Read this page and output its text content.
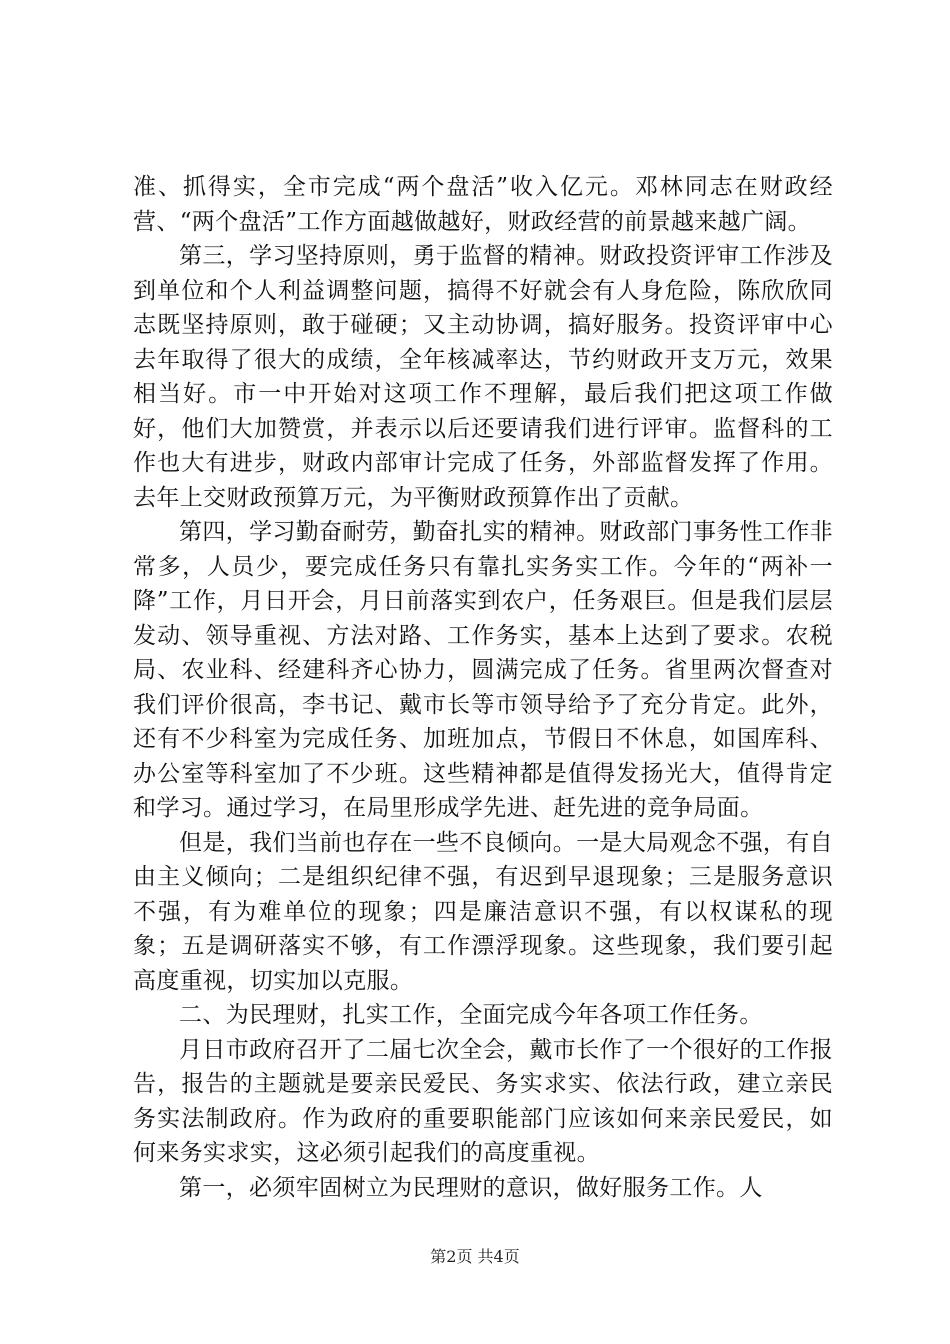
准、抓得实，全市完成“两个盘活”收入亿元。邓林同志在财政经营、“两个盘活”工作方面越做越好，财政经营的前景越来越广阔。

第三，学习坚持原则，勇于监督的精神。财政投资评审工作涉及到单位和个人利益调整问题，搞得不好就会有人身危险，陈欣欣同志既坚持原则，敢于碰硬；又主动协调，搞好服务。投资评审中心去年取得了很大的成绩，全年核减率达，节约财政开支万元，效果相当好。市一中开始对这项工作不理解，最后我们把这项工作做好，他们大加赞赏，并表示以后还要请我们进行评审。监督科的工作也大有进步，财政内部审计完成了任务，外部监督发挥了作用。去年上交财政预算万元，为平衡财政预算作出了贡献。

第四，学习勤奋耐劳，勤奋扎实的精神。财政部门事务性工作非常多，人员少，要完成任务只有靠扎实务实工作。今年的“两补一降”工作，月日开会，月日前落实到农户，任务艰巨。但是我们层层发动、领导重视、方法对路、工作务实，基本上达到了要求。农税局、农业科、经建科齐心协力，圆满完成了任务。省里两次督查对我们评价很高，李书记、戴市长等市领导给予了充分肯定。此外，还有不少科室为完成任务、加班加点，节假日不休息，如国库科、办公室等科室加了不少班。这些精神都是值得发扬光大，值得肯定和学习。通过学习，在局里形成学先进、赶先进的竞争局面。

但是，我们当前也存在一些不良倾向。一是大局观念不强，有自由主义倾向；二是组织纪律不强，有迟到早退现象；三是服务意识不强，有为难单位的现象；四是廉洁意识不强，有以权谋私的现象；五是调研落实不够，有工作漂浮现象。这些现象，我们要引起高度重视，切实加以克服。

二、为民理财，扎实工作，全面完成今年各项工作任务。

月日市政府召开了二届七次全会，戴市长作了一个很好的工作报告，报告的主题就是要亲民爱民、务实求实、依法行政，建立亲民务实法制政府。作为政府的重要职能部门应该如何来亲民爱民，如何来务实求实，这必须引起我们的高度重视。

第一，必须牢固树立为民理财的意识，做好服务工作。人

第2页 共4页
